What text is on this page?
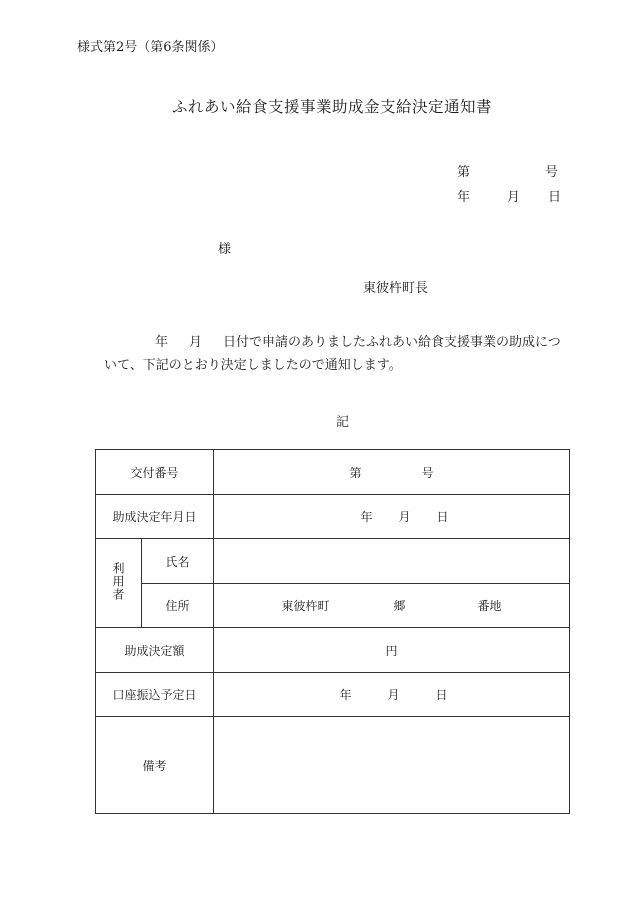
様式第2号（第6条関係）
ふれあい給食支援事業助成金支給決定通知書
第	号
年	月 日
様
東彼杵町長
年 月 日付で申請のありましたふれあい給食支援事業の助成につ
いて、下記のとおり決定しましたので通知します。
記
交付番号		第 号
助成決定年月日		年 月 日
利用者	氏名	
	住所	東彼杵町 郷 番地
助成決定額		円
口座振込予定日		年 月 日
備考		
